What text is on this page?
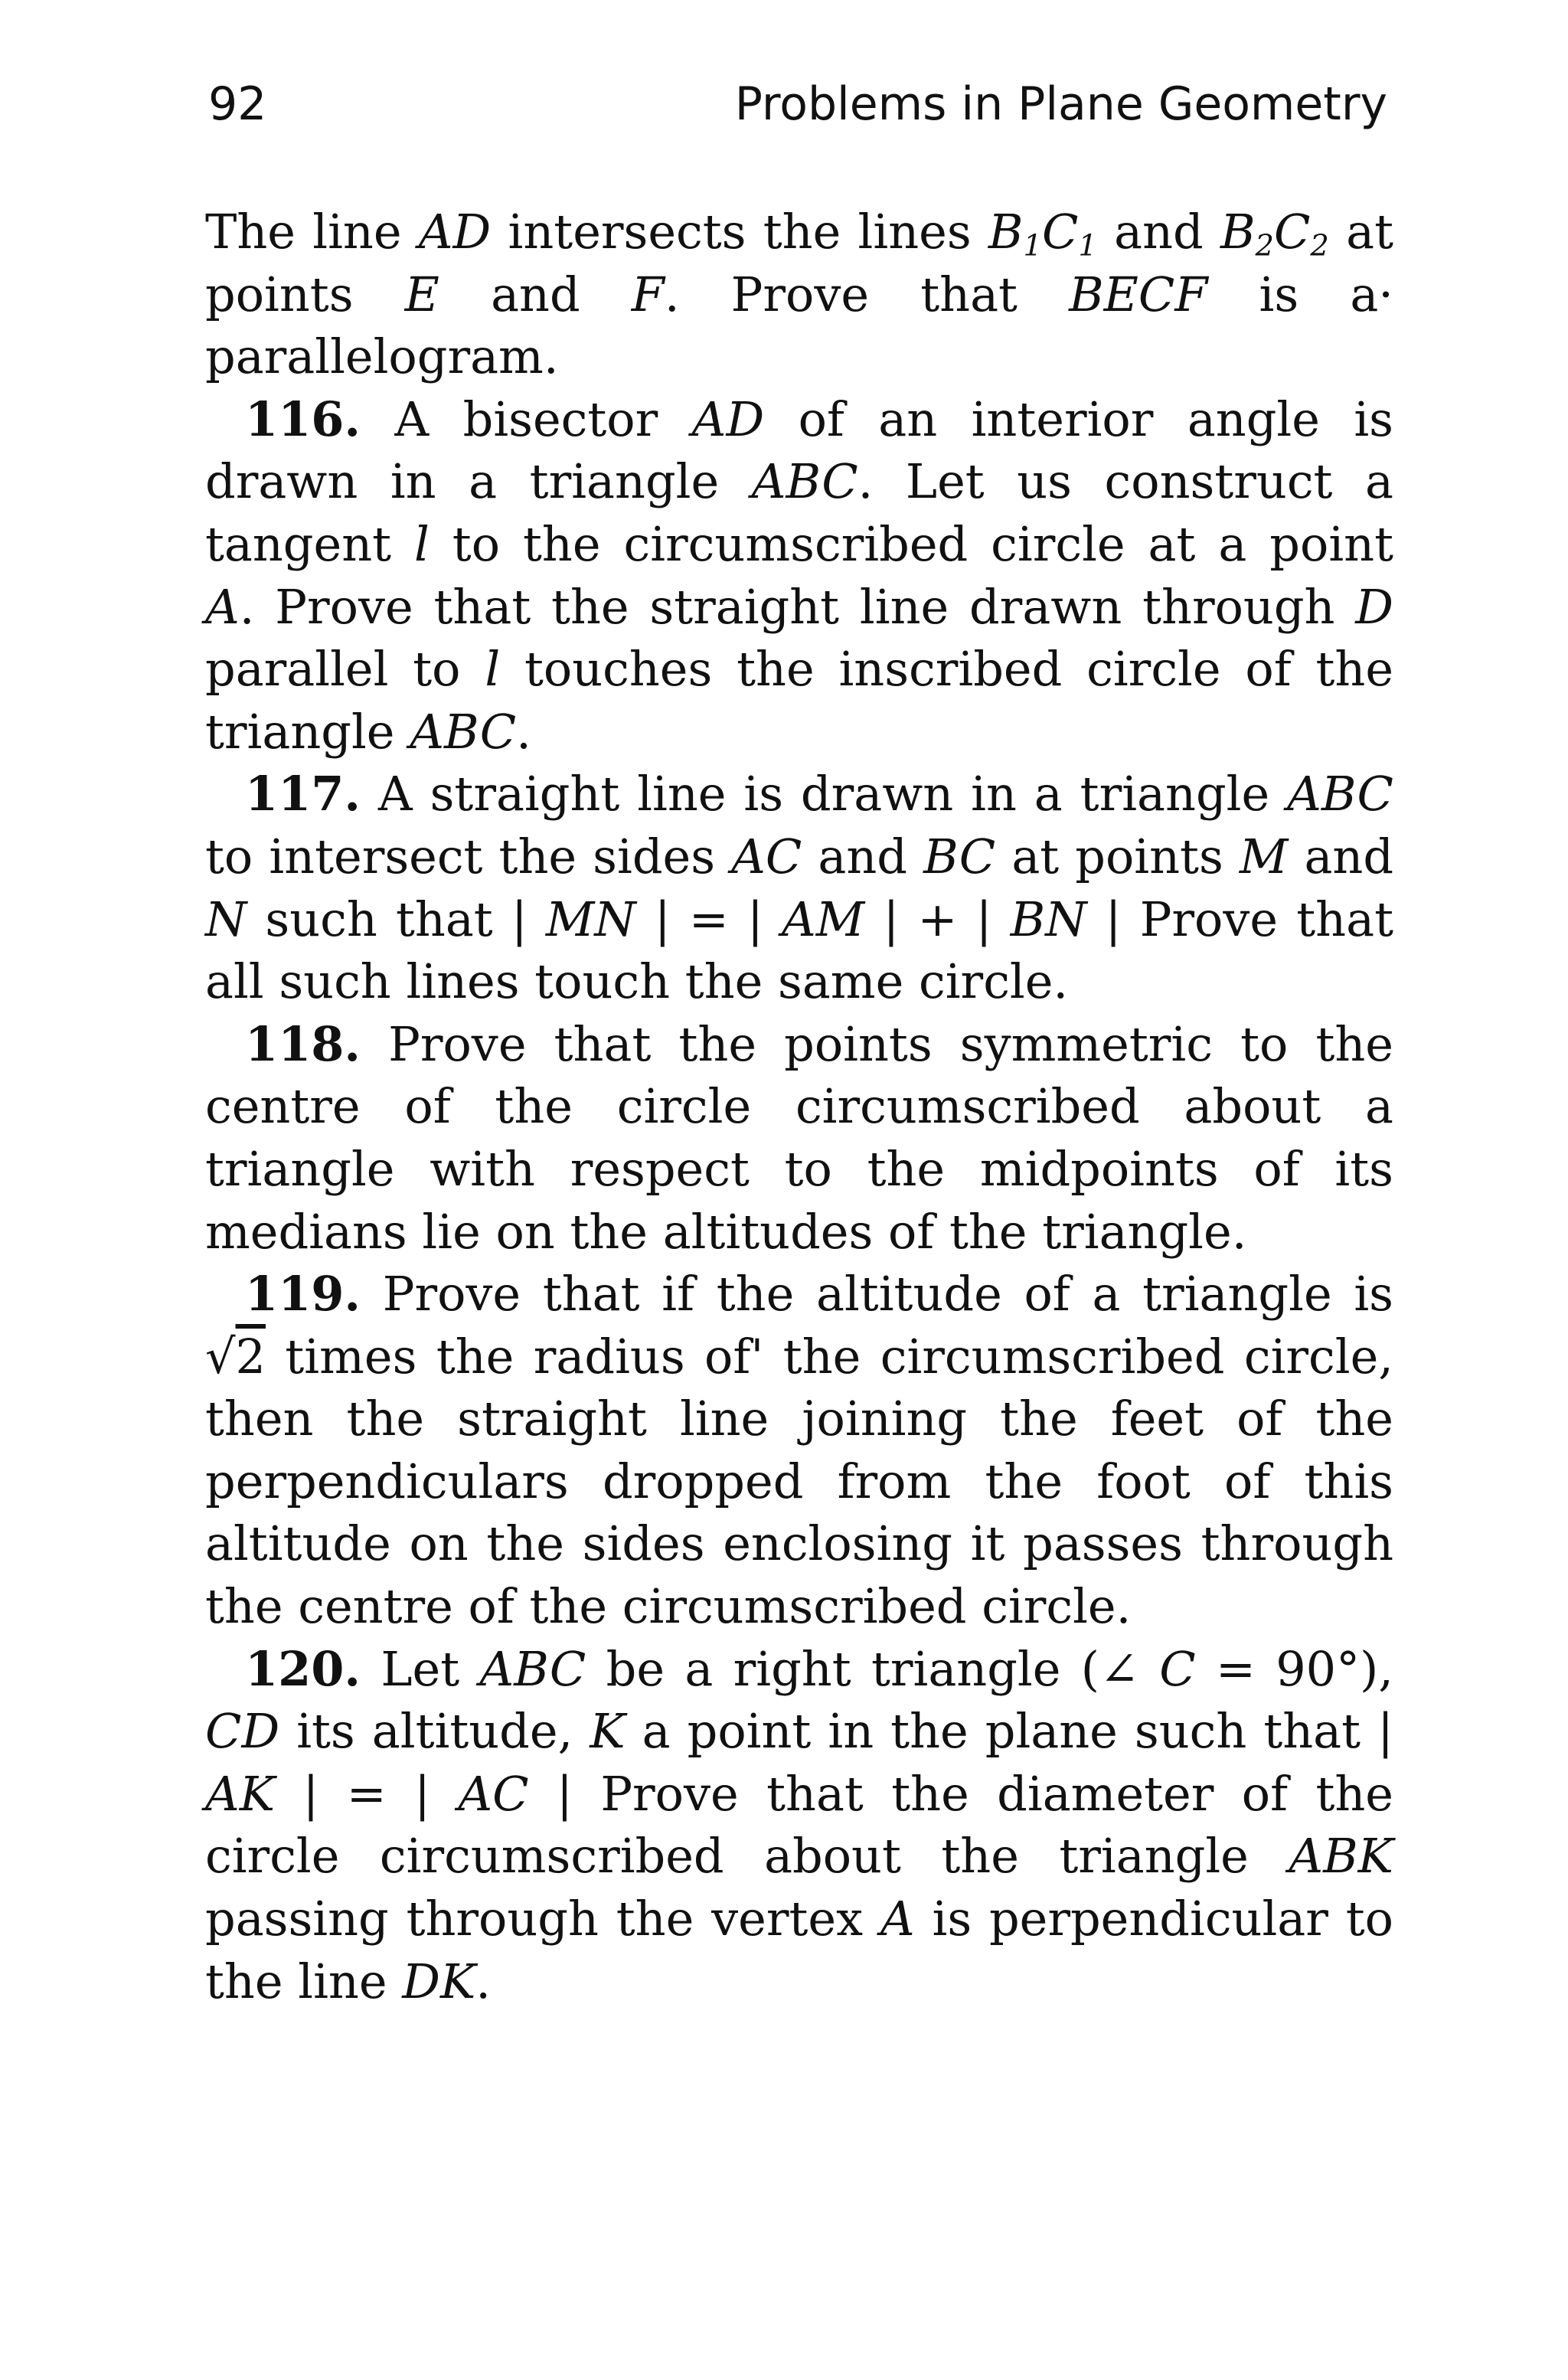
92	Problems in Plane Geometry

The line AD intersects the lines $B_1C_1$ and $B_2C_2$ at points E and F. Prove that BECF is a· parallelogram.

116. A bisector AD of an interior angle is drawn in a triangle ABC. Let us construct a tangent l to the circumscribed circle at a point A. Prove that the straight line drawn through D parallel to l touches the inscribed circle of the triangle ABC.

117. A straight line is drawn in a triangle ABC to intersect the sides AC and BC at points M and N such that | MN | = | AM | + | BN | Prove that all such lines touch the same circle.

118. Prove that the points symmetric to the centre of the circle circumscribed about a triangle with respect to the midpoints of its medians lie on the altitudes of the triangle.

119. Prove that if the altitude of a triangle is √2 times the radius of' the circumscribed circle, then the straight line joining the feet of the perpendiculars dropped from the foot of this altitude on the sides enclosing it passes through the centre of the circumscribed circle.

120. Let ABC be a right triangle (∠ C = 90°), CD its altitude, K a point in the plane such that | AK | = | AC | Prove that the diameter of the circle circumscribed about the triangle ABK passing through the vertex A is perpendicular to the line DK.
